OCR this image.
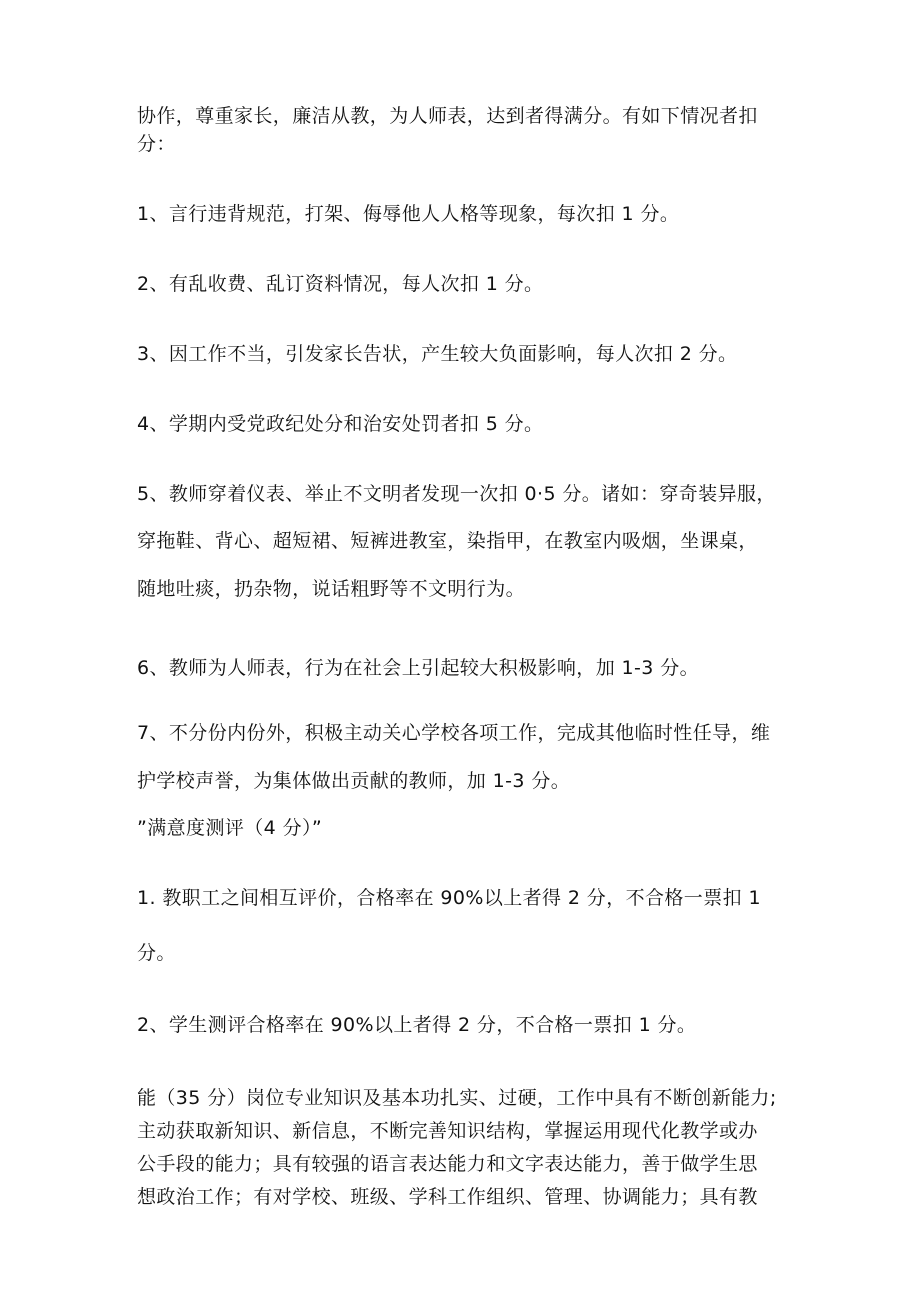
协作，尊重家长，廉洁从教，为人师表，达到者得满分。有如下情况者扣
分：
1、言行违背规范，打架、侮辱他人人格等现象，每次扣 1 分。
2、有乱收费、乱订资料情况，每人次扣 1 分。
3、因工作不当，引发家长告状，产生较大负面影响，每人次扣 2 分。
4、学期内受党政纪处分和治安处罚者扣 5 分。
5、教师穿着仪表、举止不文明者发现一次扣 0·5 分。诸如：穿奇装异服，
穿拖鞋、背心、超短裙、短裤进教室，染指甲，在教室内吸烟，坐课桌，
随地吐痰，扔杂物，说话粗野等不文明行为。
6、教师为人师表，行为在社会上引起较大积极影响，加 1-3 分。
7、不分份内份外，积极主动关心学校各项工作，完成其他临时性任导，维
护学校声誉，为集体做出贡献的教师，加 1-3 分。
”满意度测评（4 分）”
1. 教职工之间相互评价，合格率在 90%以上者得 2 分，不合格一票扣 1
分。
2、学生测评合格率在 90%以上者得 2 分，不合格一票扣 1 分。
能（35 分）岗位专业知识及基本功扎实、过硬，工作中具有不断创新能力;
主动获取新知识、新信息，不断完善知识结构，掌握运用现代化教学或办
公手段的能力；具有较强的语言表达能力和文字表达能力，善于做学生思
想政治工作；有对学校、班级、学科工作组织、管理、协调能力；具有教
